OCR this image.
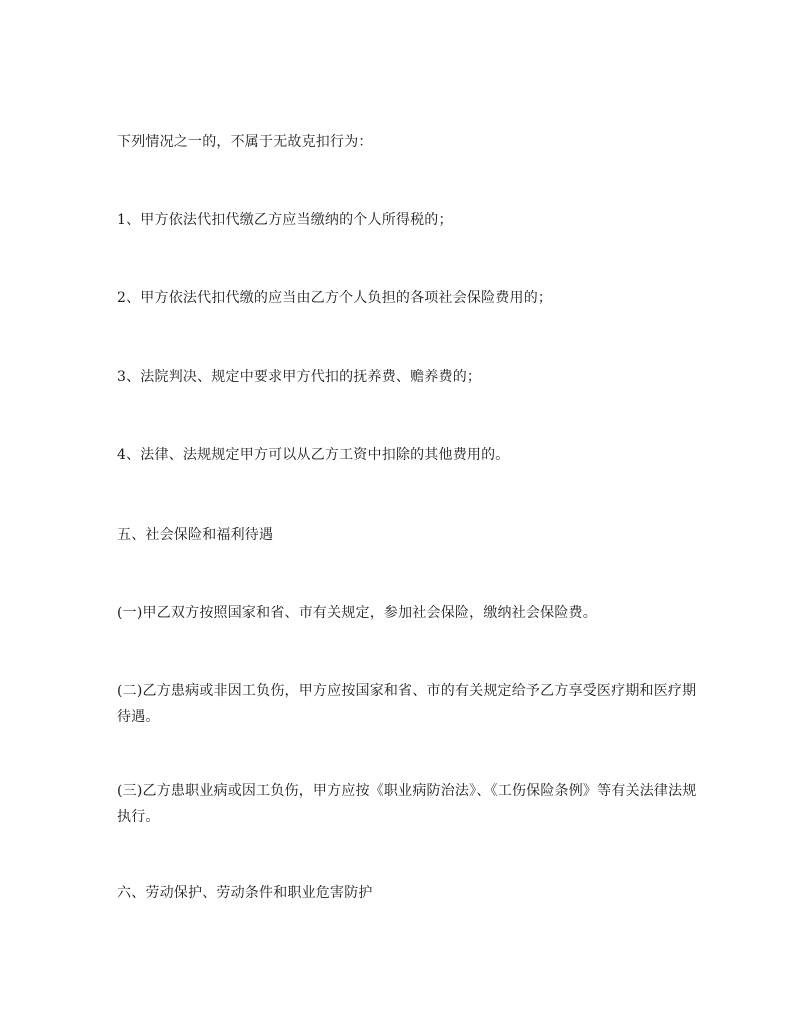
下列情况之一的，不属于无故克扣行为：

1、甲方依法代扣代缴乙方应当缴纳的个人所得税的；

2、甲方依法代扣代缴的应当由乙方个人负担的各项社会保险费用的；

3、法院判决、规定中要求甲方代扣的抚养费、赡养费的；

4、法律、法规规定甲方可以从乙方工资中扣除的其他费用的。

五、社会保险和福利待遇

(一)甲乙双方按照国家和省、市有关规定，参加社会保险，缴纳社会保险费。

(二)乙方患病或非因工负伤，甲方应按国家和省、市的有关规定给予乙方享受医疗期和医疗期待遇。

(三)乙方患职业病或因工负伤，甲方应按《职业病防治法》、《工伤保险条例》等有关法律法规执行。

六、劳动保护、劳动条件和职业危害防护
